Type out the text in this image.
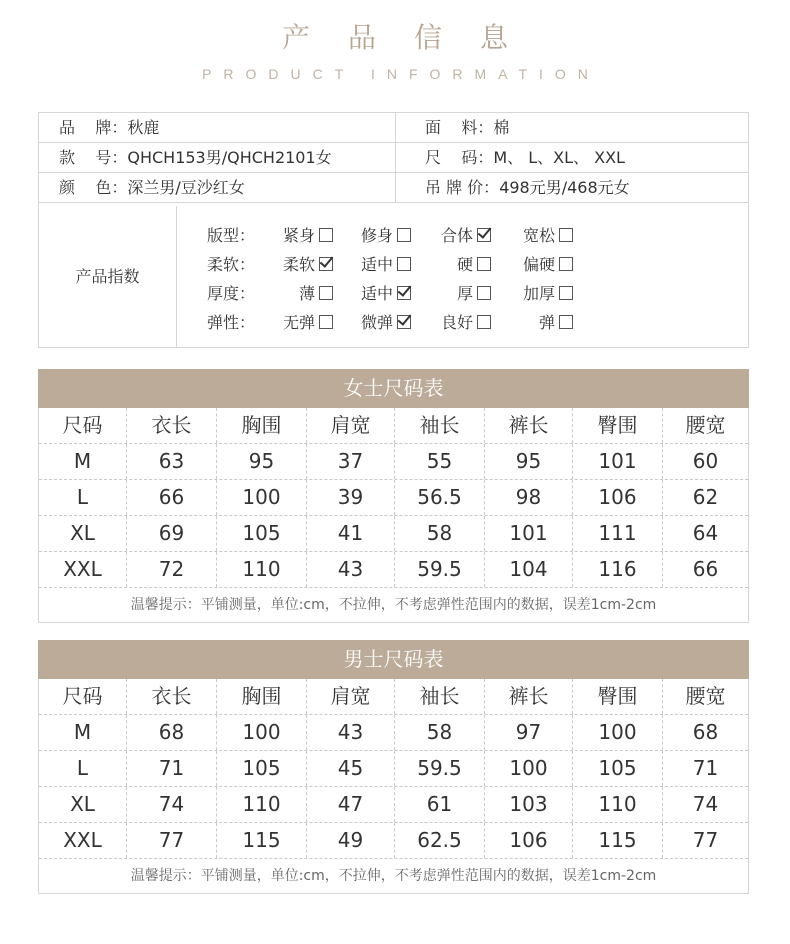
产品信息
PRODUCT INFORMATION
品    牌：秋鹿	面    料：棉
款    号：QHCH153男/QHCH2101女	尺    码：M、 L、XL、 XXL
颜    色：深兰男/豆沙红女	吊 牌 价：498元男/468元女
产品指数
版型：	紧身	修身	合体	宽松
柔软：	柔软	适中	硬	偏硬
厚度：	薄	适中	厚	加厚
弹性：	无弹	微弹	良好	弹
女士尺码表
尺码	衣长	胸围	肩宽	袖长	裤长	臀围	腰宽
M	63	95	37	55	95	101	60
L	66	100	39	56.5	98	106	62
XL	69	105	41	58	101	111	64
XXL	72	110	43	59.5	104	116	66
温馨提示：平铺测量，单位:cm，不拉伸，不考虑弹性范围内的数据，误差1cm-2cm
男士尺码表
尺码	衣长	胸围	肩宽	袖长	裤长	臀围	腰宽
M	68	100	43	58	97	100	68
L	71	105	45	59.5	100	105	71
XL	74	110	47	61	103	110	74
XXL	77	115	49	62.5	106	115	77
温馨提示：平铺测量，单位:cm，不拉伸，不考虑弹性范围内的数据，误差1cm-2cm
